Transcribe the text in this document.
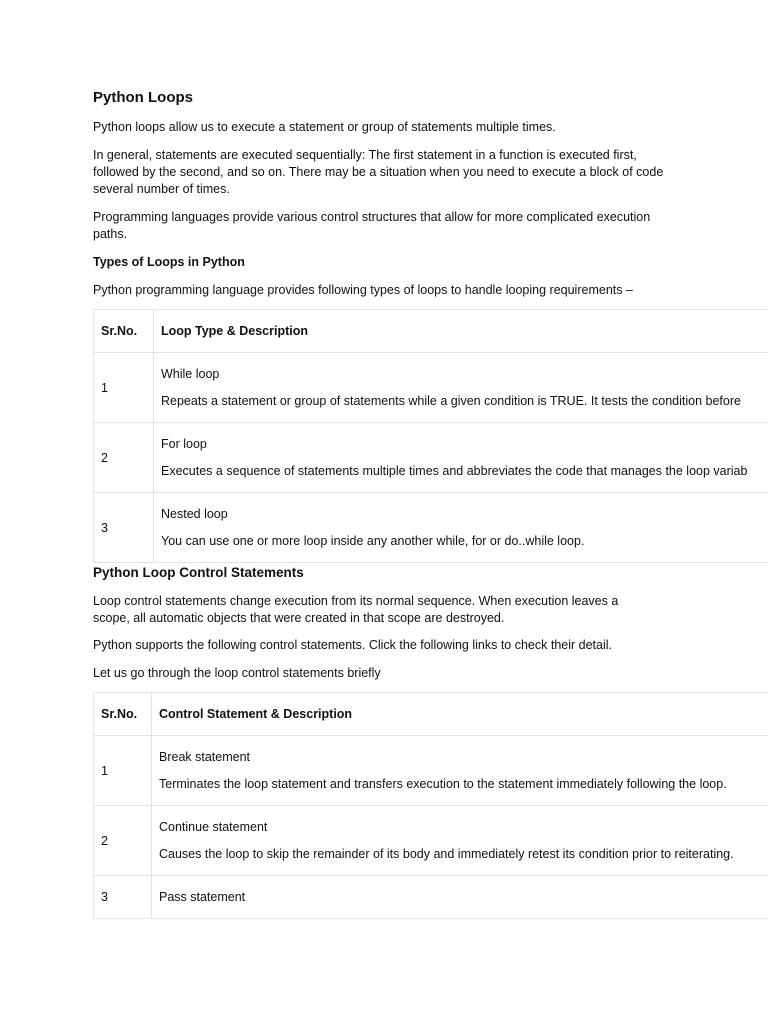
Python Loops

Python loops allow us to execute a statement or group of statements multiple times.

In general, statements are executed sequentially: The first statement in a function is executed first, followed by the second, and so on. There may be a situation when you need to execute a block of code several number of times.

Programming languages provide various control structures that allow for more complicated execution paths.

Types of Loops in Python

Python programming language provides following types of loops to handle looping requirements –

Sr.No.	Loop Type & Description
1	While loop
Repeats a statement or group of statements while a given condition is TRUE. It tests the condition before

2	For loop
Executes a sequence of statements multiple times and abbreviates the code that manages the loop variab

3	Nested loop
You can use one or more loop inside any another while, for or do..while loop.

Python Loop Control Statements

Loop control statements change execution from its normal sequence. When execution leaves a scope, all automatic objects that were created in that scope are destroyed.

Python supports the following control statements. Click the following links to check their detail.

Let us go through the loop control statements briefly

Sr.No.	Control Statement & Description
1	Break statement
Terminates the loop statement and transfers execution to the statement immediately following the loop.

2	Continue statement
Causes the loop to skip the remainder of its body and immediately retest its condition prior to reiterating.

3	Pass statement
